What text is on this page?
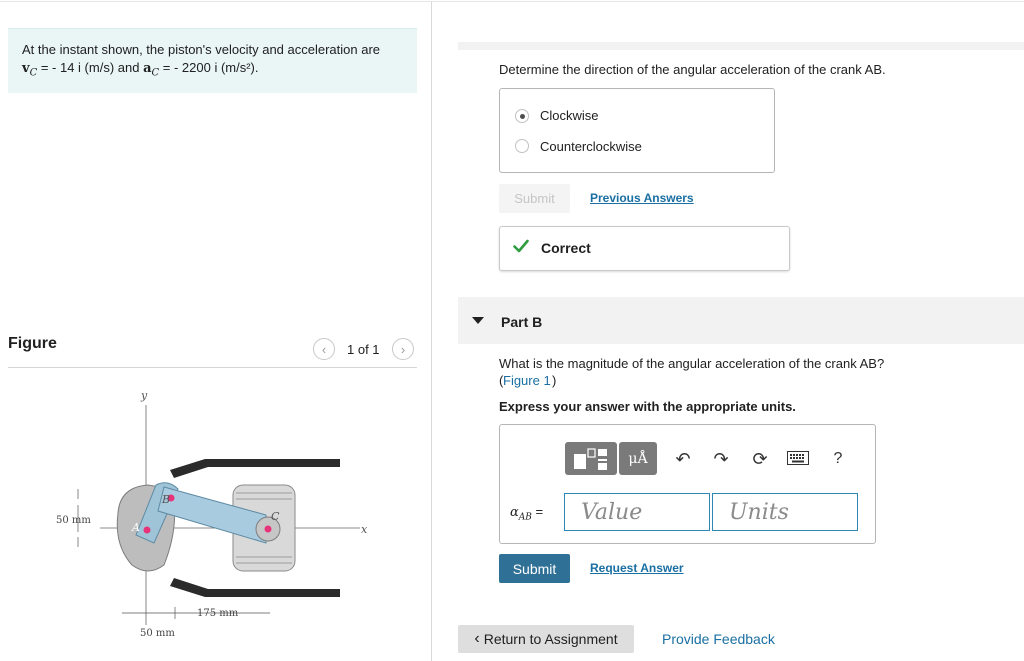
At the instant shown, the piston's velocity and acceleration are
$v_C$ = - 14 i (m/s) and $a_C$ = - 2200 i (m/s²).
Figure	‹ 1 of 1 ›
y
x
A
B
C
50 mm
175 mm
50 mm
Determine the direction of the angular acceleration of the crank AB.
Clockwise
Counterclockwise
Submit	Previous Answers
Correct
Part B
What is the magnitude of the angular acceleration of the crank AB?
( Figure 1 )
Express your answer with the appropriate units.
μÅ	↶ ↷ ⟳	?
$\alpha_{AB}$ =
Value
Units
Submit	Request Answer
‹ Return to Assignment	Provide Feedback
